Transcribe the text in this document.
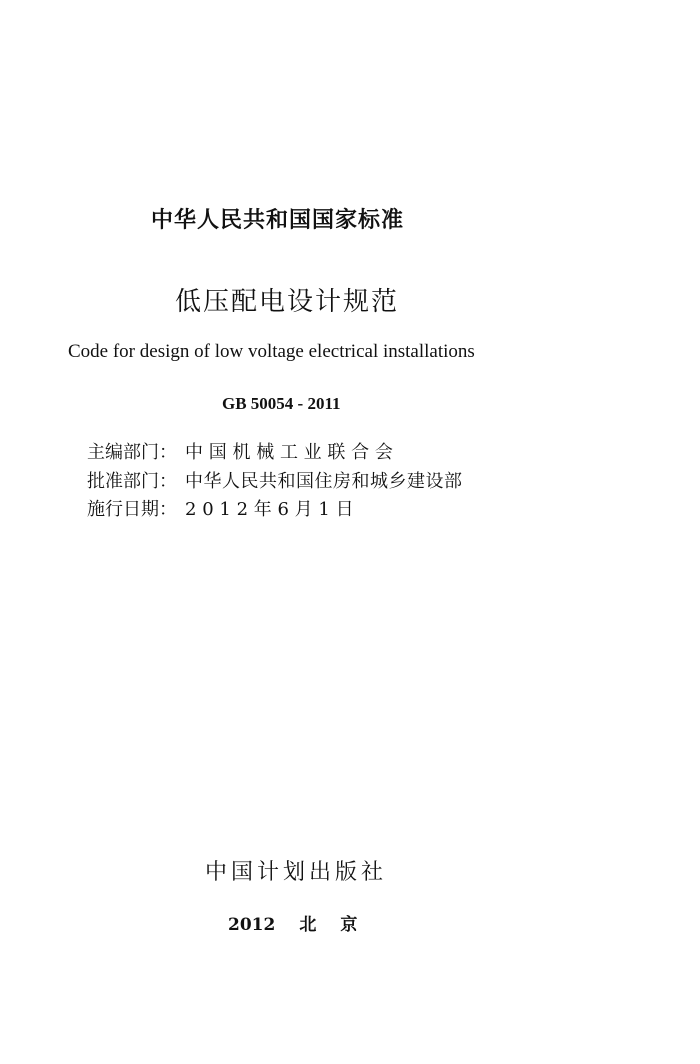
中华人民共和国国家标准
低压配电设计规范
Code for design of low voltage electrical installations
GB 50054 - 2011
主编部门： 中 国 机 械 工 业 联 合 会
批准部门： 中华人民共和国住房和城乡建设部
施行日期： 2 0 1 2 年 6 月 1 日
中国计划出版社
2012 北 京
